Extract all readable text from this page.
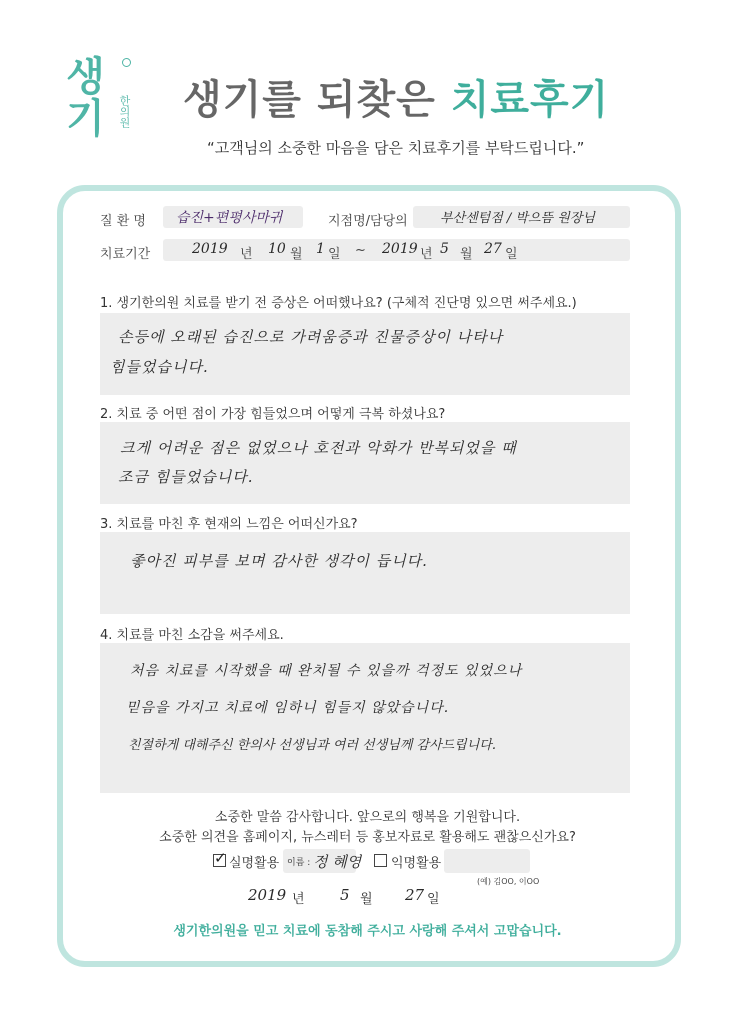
생기 한의원 생기를 되찾은 치료후기
“고객님의 소중한 마음을 담은 치료후기를 부탁드립니다.”
질 환 명 습진+편평사마귀	지점명/담당의 부산센텀점 / 박으뜸 원장님
치료기간	2019 년 10 월 1 일 ~ 2019 년 5 월 27 일
1. 생기한의원 치료를 받기 전 증상은 어떠했나요? (구체적 진단명 있으면 써주세요.)
손등에 오래된 습진으로 가려움증과 진물증상이 나타나
힘들었습니다.
2. 치료 중 어떤 점이 가장 힘들었으며 어떻게 극복 하셨나요?
크게 어려운 점은 없었으나 호전과 악화가 반복되었을 때
조금 힘들었습니다.
3. 치료를 마친 후 현재의 느낌은 어떠신가요?
좋아진 피부를 보며 감사한 생각이 듭니다.
4. 치료를 마친 소감을 써주세요.
처음 치료를 시작했을 때 완치될 수 있을까 걱정도 있었으나
믿음을 가지고 치료에 임하니 힘들지 않았습니다.
친절하게 대해주신 한의사 선생님과 여러 선생님께 감사드립니다.
소중한 말씀 감사합니다. 앞으로의 행복을 기원합니다.
소중한 의견을 홈페이지, 뉴스레터 등 홍보자료로 활용해도 괜찮으신가요?
✓ 실명활용 이름 : 정 혜영 익명활용
(예) 김OO, 이OO
2019 년 5 월 27 일
생기한의원을 믿고 치료에 동참해 주시고 사랑해 주셔서 고맙습니다.
